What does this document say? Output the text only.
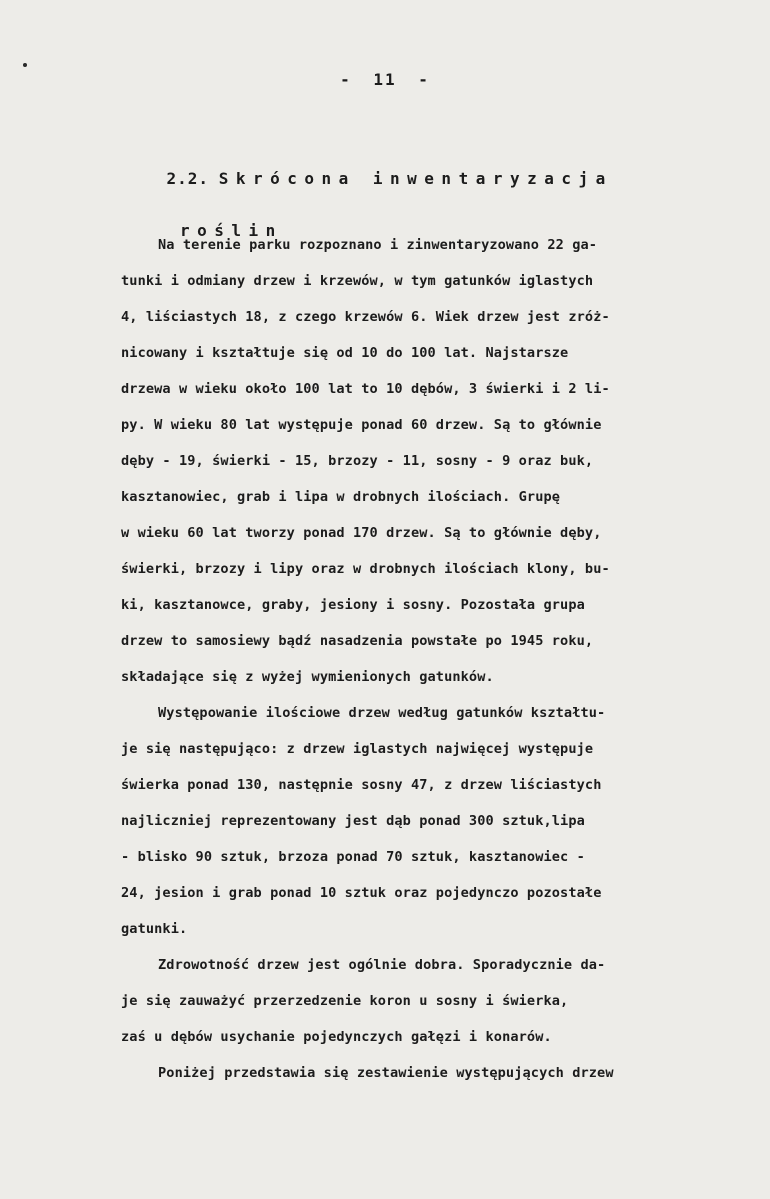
- 11 -

2.2. Skrócona inwentaryzacja

roślin

Na terenie parku rozpoznano i zinwentaryzowano 22 ga-
tunki i odmiany drzew i krzewów, w tym gatunków iglastych
4, liściastych 18, z czego krzewów 6. Wiek drzew jest zróż-
nicowany i kształtuje się od 10 do 100 lat. Najstarsze
drzewa w wieku około 100 lat to 10 dębów, 3 świerki i 2 li-
py. W wieku 80 lat występuje ponad 60 drzew. Są to głównie
dęby - 19, świerki - 15, brzozy - 11, sosny - 9 oraz buk,
kasztanowiec, grab i lipa w drobnych ilościach. Grupę
w wieku 60 lat tworzy ponad 170 drzew. Są to głównie dęby,
świerki, brzozy i lipy oraz w drobnych ilościach klony, bu-
ki, kasztanowce, graby, jesiony i sosny. Pozostała grupa
drzew to samosiewy bądź nasadzenia powstałe po 1945 roku,
składające się z wyżej wymienionych gatunków.
Występowanie ilościowe drzew według gatunków kształtu-
je się następująco: z drzew iglastych najwięcej występuje
świerka ponad 130, następnie sosny 47, z drzew liściastych
najliczniej reprezentowany jest dąb ponad 300 sztuk,lipa
- blisko 90 sztuk, brzoza ponad 70 sztuk, kasztanowiec -
24, jesion i grab ponad 10 sztuk oraz pojedynczo pozostałe
gatunki.
Zdrowotność drzew jest ogólnie dobra. Sporadycznie da-
je się zauważyć przerzedzenie koron u sosny i świerka,
zaś u dębów usychanie pojedynczych gałęzi i konarów.
Poniżej przedstawia się zestawienie występujących drzew
